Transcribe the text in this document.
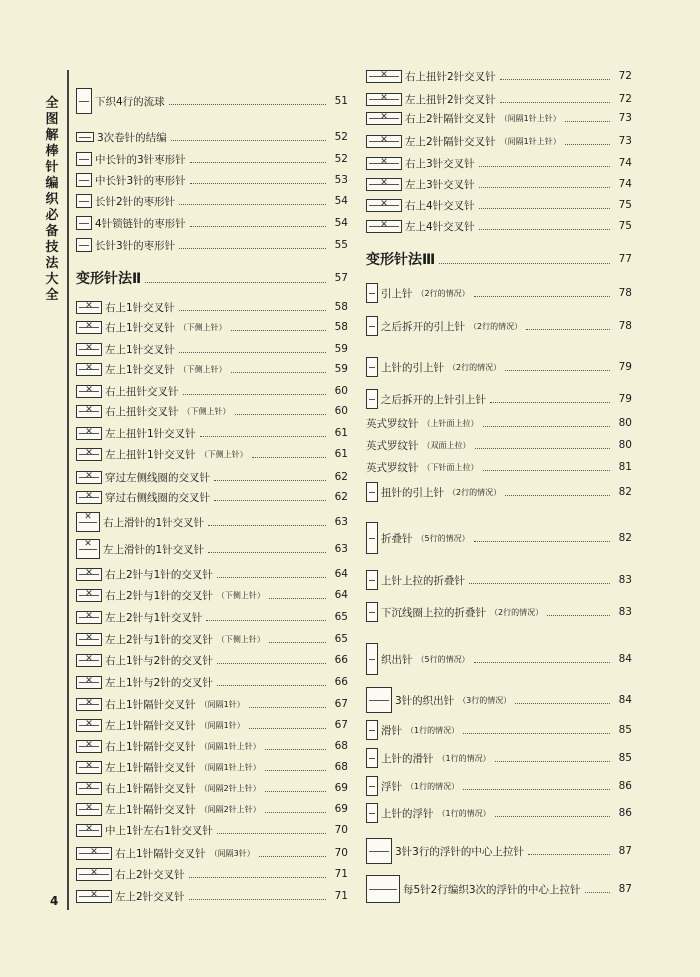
全
图
解
棒
针
编
织
必
备
技
法
大
全
4
下织4行的流球	51
3次卷针的结编	52
中长针的3针枣形针	52
中长针3针的枣形针	53
长针2针的枣形针	54
4针锁链针的枣形针	54
长针3针的枣形针	55
变形针法Ⅱ	57
✕
右上1针交叉针	58
✕
右上1针交叉针 （下侧上针）	58
✕
左上1针交叉针	59
✕
左上1针交叉针 （下侧上针）	59
✕
右上扭针交叉针	60
✕
右上扭针交叉针 （下侧上针）	60
✕
左上扭针1针交叉针	61
✕
左上扭针1针交叉针 （下侧上针）	61
✕
穿过左侧线圈的交叉针	62
✕
穿过右侧线圈的交叉针	62
✕
右上滑针的1针交叉针	63
✕
左上滑针的1针交叉针	63
✕
右上2针与1针的交叉针	64
✕
右上2针与1针的交叉针 （下侧上针）	64
✕
左上2针与1针交叉针	65
✕
左上2针与1针的交叉针 （下侧上针）	65
✕
右上1针与2针的交叉针	66
✕
左上1针与2针的交叉针	66
✕
右上1针隔针交叉针 （间隔1针）	67
✕
左上1针隔针交叉针 （间隔1针）	67
✕
右上1针隔针交叉针 （间隔1针上针）	68
✕
左上1针隔针交叉针 （间隔1针上针）	68
✕
右上1针隔针交叉针 （间隔2针上针）	69
✕
左上1针隔针交叉针 （间隔2针上针）	69
✕
中上1针左右1针交叉针	70
✕
右上1针隔针交叉针 （间隔3针）	70
✕
右上2针交叉针	71
✕
左上2针交叉针	71
✕
右上扭针2针交叉针	72
✕
左上扭针2针交叉针	72
✕
右上2针隔针交叉针 （间隔1针上针）	73
✕
左上2针隔针交叉针 （间隔1针上针）	73
✕
右上3针交叉针	74
✕
左上3针交叉针	74
✕
右上4针交叉针	75
✕
左上4针交叉针	75
变形针法Ⅲ	77
引上针 （2行的情况）	78
之后拆开的引上针 （2行的情况）	78
上针的引上针 （2行的情况）	79
之后拆开的上针引上针	79
英式罗纹针 （上针面上拉）	80
英式罗纹针 （双面上拉）	80
英式罗纹针 （下针面上拉）	81
扭针的引上针 （2行的情况）	82
折叠针 （5行的情况）	82
上针上拉的折叠针	83
下沉线圈上拉的折叠针 （2行的情况）	83
织出针 （5行的情况）	84
3针的织出针 （3行的情况）	84
滑针 （1行的情况）	85
上针的滑针 （1行的情况）	85
浮针 （1行的情况）	86
上针的浮针 （1行的情况）	86
3针3行的浮针的中心上拉针	87
每5针2行编织3次的浮针的中心上拉针	87
